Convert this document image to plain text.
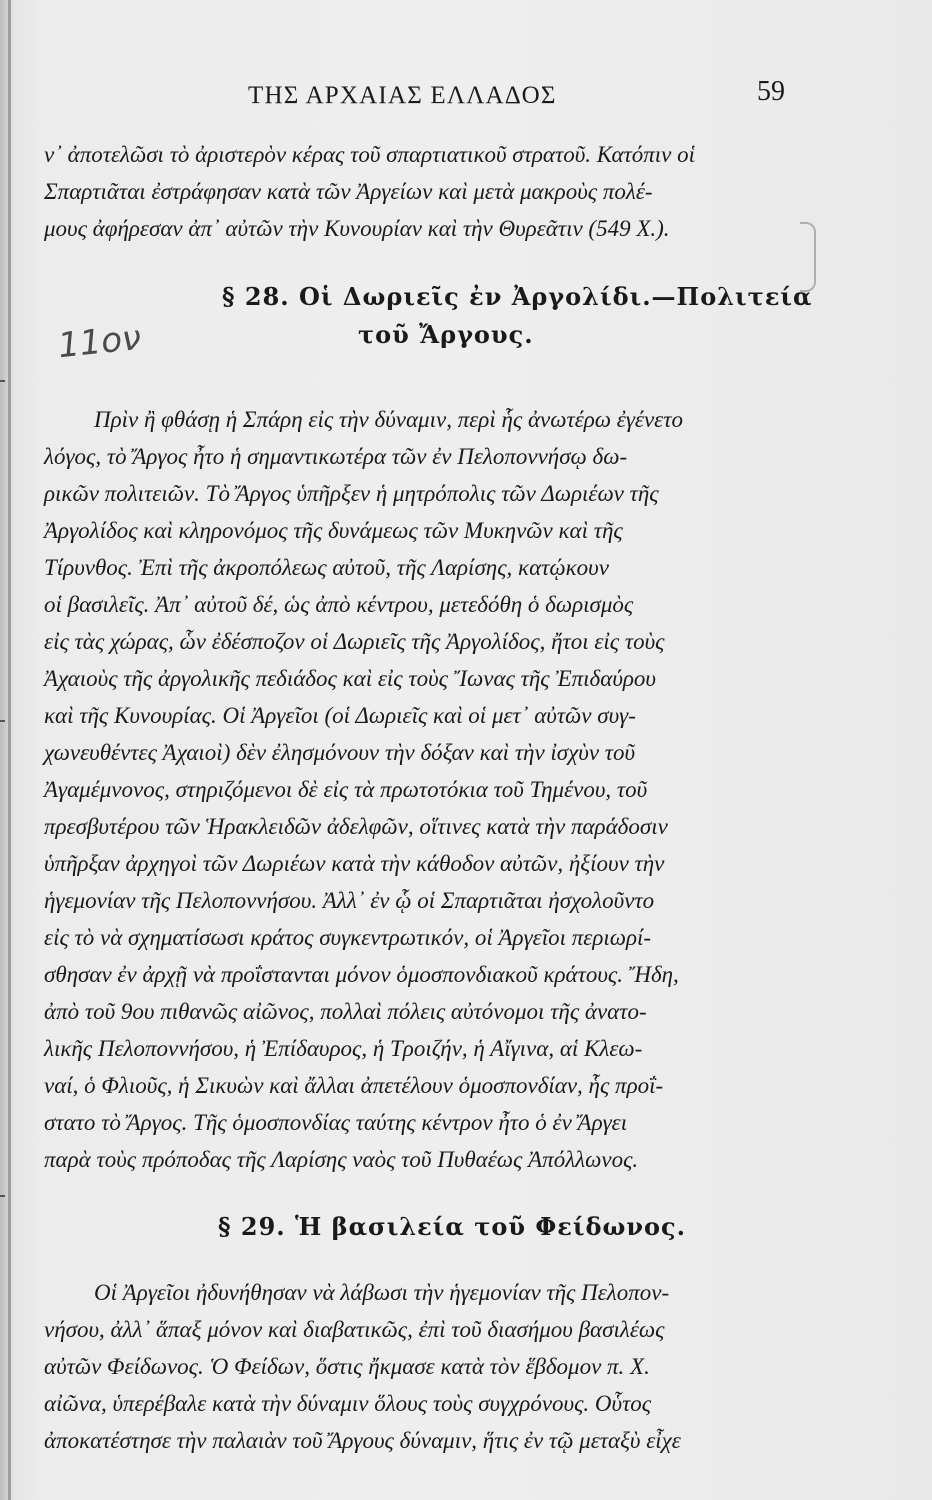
ΤΗΣ ΑΡΧΑΙΑΣ ΕΛΛΑΔΟΣ	59
ν᾽ ἀποτελῶσι τὸ ἀριστερὸν κέρας τοῦ σπαρτιατικοῦ στρατοῦ. Κατόπιν οἱ
Σπαρτιᾶται ἐστράφησαν κατὰ τῶν Ἀργείων καὶ μετὰ μακροὺς πολέ-
μους ἀφήρεσαν ἀπ᾽ αὐτῶν τὴν Κυνουρίαν καὶ τὴν Θυρεᾶτιν (549 Χ.).
§ 28. Οἱ Δωριεῖς ἐν Ἀργολίδι.—Πολιτεία
τοῦ Ἄργους.
11ον
Πρὶν ἢ φθάσῃ ἡ Σπάρη εἰς τὴν δύναμιν, περὶ ἧς ἀνωτέρω ἐγένετο
λόγος, τὸ Ἄργος ἦτο ἡ σημαντικωτέρα τῶν ἐν Πελοποννήσῳ δω-
ρικῶν πολιτειῶν. Τὸ Ἄργος ὑπῆρξεν ἡ μητρόπολις τῶν Δωριέων τῆς
Ἀργολίδος καὶ κληρονόμος τῆς δυνάμεως τῶν Μυκηνῶν καὶ τῆς
Τίρυνθος. Ἐπὶ τῆς ἀκροπόλεως αὐτοῦ, τῆς Λαρίσης, κατῴκουν
οἱ βασιλεῖς. Ἀπ᾽ αὐτοῦ δέ, ὡς ἀπὸ κέντρου, μετεδόθη ὁ δωρισμὸς
εἰς τὰς χώρας, ὧν ἐδέσποζον οἱ Δωριεῖς τῆς Ἀργολίδος, ἤτοι εἰς τοὺς
Ἀχαιοὺς τῆς ἀργολικῆς πεδιάδος καὶ εἰς τοὺς Ἴωνας τῆς Ἐπιδαύρου
καὶ τῆς Κυνουρίας. Οἱ Ἀργεῖοι (οἱ Δωριεῖς καὶ οἱ μετ᾽ αὐτῶν συγ-
χωνευθέντες Ἀχαιοὶ) δὲν ἐλησμόνουν τὴν δόξαν καὶ τὴν ἰσχὺν τοῦ
Ἀγαμέμνονος, στηριζόμενοι δὲ εἰς τὰ πρωτοτόκια τοῦ Τημένου, τοῦ
πρεσβυτέρου τῶν Ἡρακλειδῶν ἀδελφῶν, οἵτινες κατὰ τὴν παράδοσιν
ὑπῆρξαν ἀρχηγοὶ τῶν Δωριέων κατὰ τὴν κάθοδον αὐτῶν, ἠξίουν τὴν
ἡγεμονίαν τῆς Πελοποννήσου. Ἀλλ᾽ ἐν ᾧ οἱ Σπαρτιᾶται ἠσχολοῦντο
εἰς τὸ νὰ σχηματίσωσι κράτος συγκεντρωτικόν, οἱ Ἀργεῖοι περιωρί-
σθησαν ἐν ἀρχῇ νὰ προΐστανται μόνον ὁμοσπονδιακοῦ κράτους. Ἤδη,
ἀπὸ τοῦ 9ου πιθανῶς αἰῶνος, πολλαὶ πόλεις αὐτόνομοι τῆς ἀνατο-
λικῆς Πελοποννήσου, ἡ Ἐπίδαυρος, ἡ Τροιζήν, ἡ Αἴγινα, αἱ Κλεω-
ναί, ὁ Φλιοῦς, ἡ Σικυὼν καὶ ἄλλαι ἀπετέλουν ὁμοσπονδίαν, ἧς προΐ-
στατο τὸ Ἄργος. Τῆς ὁμοσπονδίας ταύτης κέντρον ἦτο ὁ ἐν Ἄργει
παρὰ τοὺς πρόποδας τῆς Λαρίσης ναὸς τοῦ Πυθαέως Ἀπόλλωνος.
§ 29. Ἡ βασιλεία τοῦ Φείδωνος.
Οἱ Ἀργεῖοι ἠδυνήθησαν νὰ λάβωσι τὴν ἡγεμονίαν τῆς Πελοπον-
νήσου, ἀλλ᾽ ἅπαξ μόνον καὶ διαβατικῶς, ἐπὶ τοῦ διασήμου βασιλέως
αὐτῶν Φείδωνος. Ὁ Φείδων, ὅστις ἤκμασε κατὰ τὸν ἕβδομον π. Χ.
αἰῶνα, ὑπερέβαλε κατὰ τὴν δύναμιν ὅλους τοὺς συγχρόνους. Οὗτος
ἀποκατέστησε τὴν παλαιὰν τοῦ Ἄργους δύναμιν, ἥτις ἐν τῷ μεταξὺ εἶχε
